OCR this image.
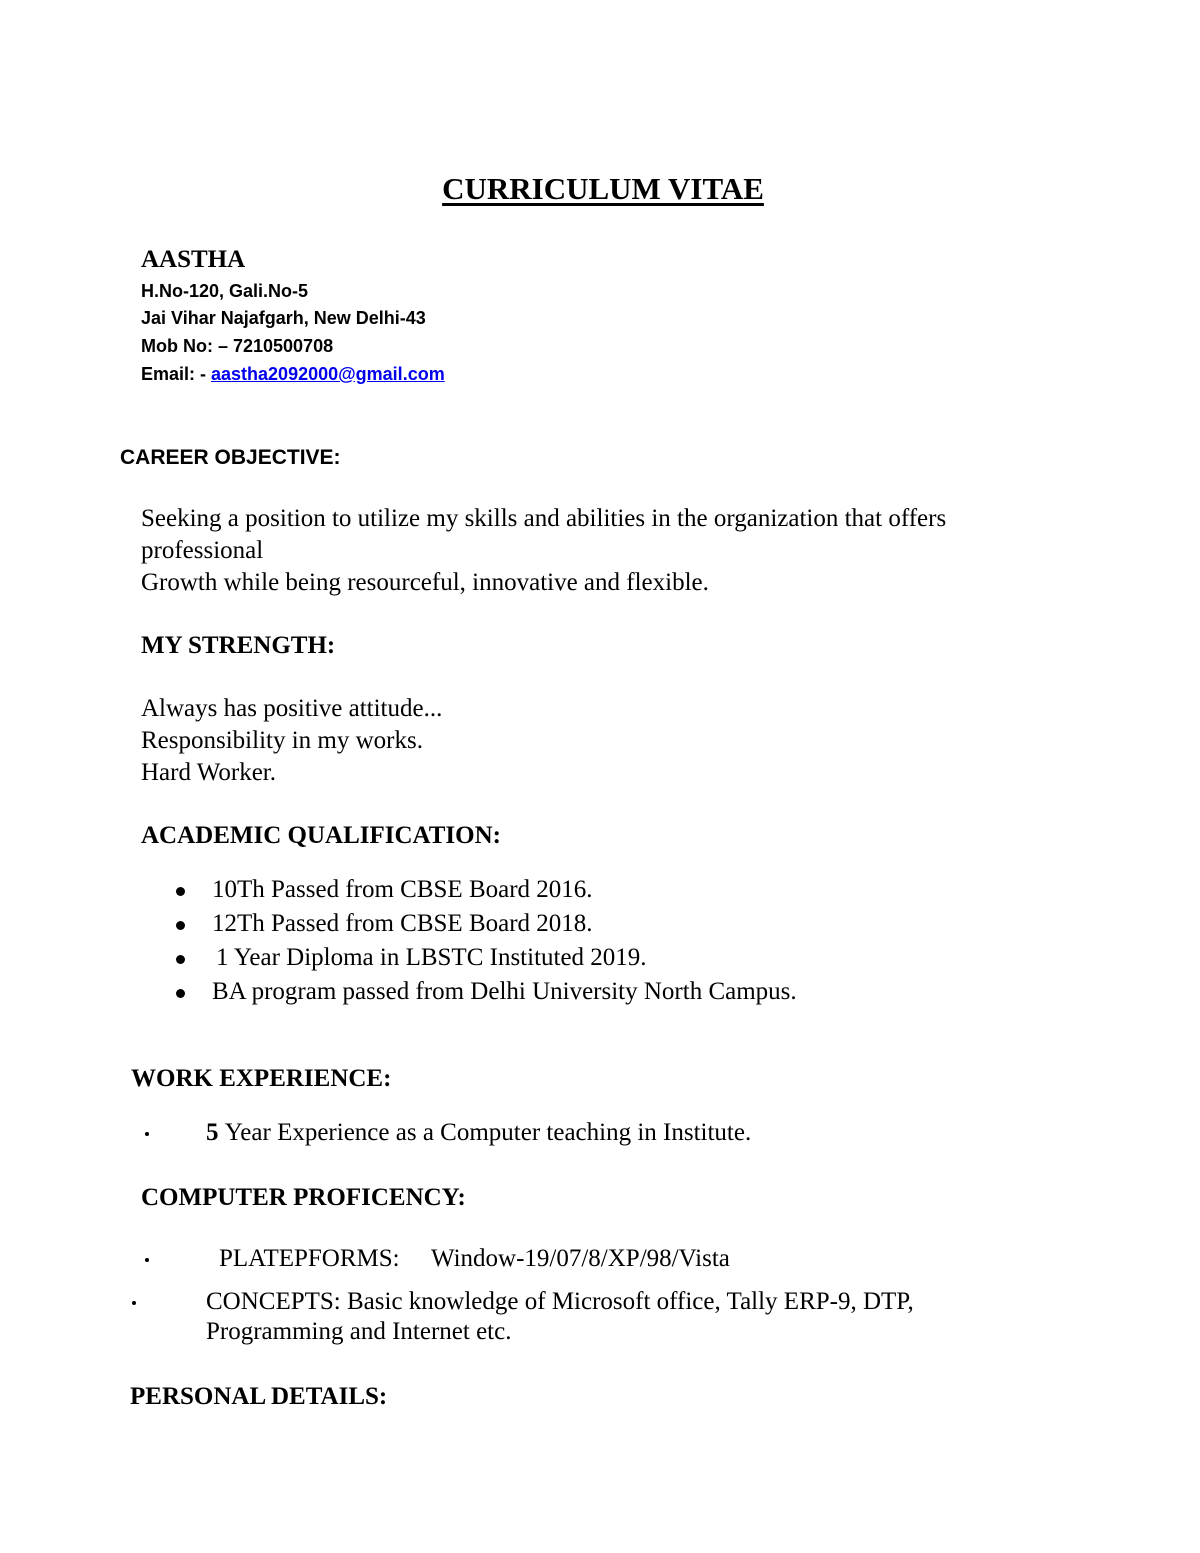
CURRICULUM VITAE
AASTHA
H.No-120, Gali.No-5
Jai Vihar Najafgarh, New Delhi-43
Mob No: – 7210500708
Email: - aastha2092000@gmail.com
CAREER OBJECTIVE:
Seeking a position to utilize my skills and abilities in the organization that offers
professional
Growth while being resourceful, innovative and flexible.
MY STRENGTH:
Always has positive attitude...
Responsibility in my works.
Hard Worker.
ACADEMIC QUALIFICATION:
10Th Passed from CBSE Board 2016.
12Th Passed from CBSE Board 2018.
1 Year Diploma in LBSTC Instituted 2019.
BA program passed from Delhi University North Campus.
WORK EXPERIENCE:
5 Year Experience as a Computer teaching in Institute.
COMPUTER PROFICENCY:
PLATEPFORMS: Window-19/07/8/XP/98/Vista
CONCEPTS: Basic knowledge of Microsoft office, Tally ERP-9, DTP,
Programming and Internet etc.
PERSONAL DETAILS:
